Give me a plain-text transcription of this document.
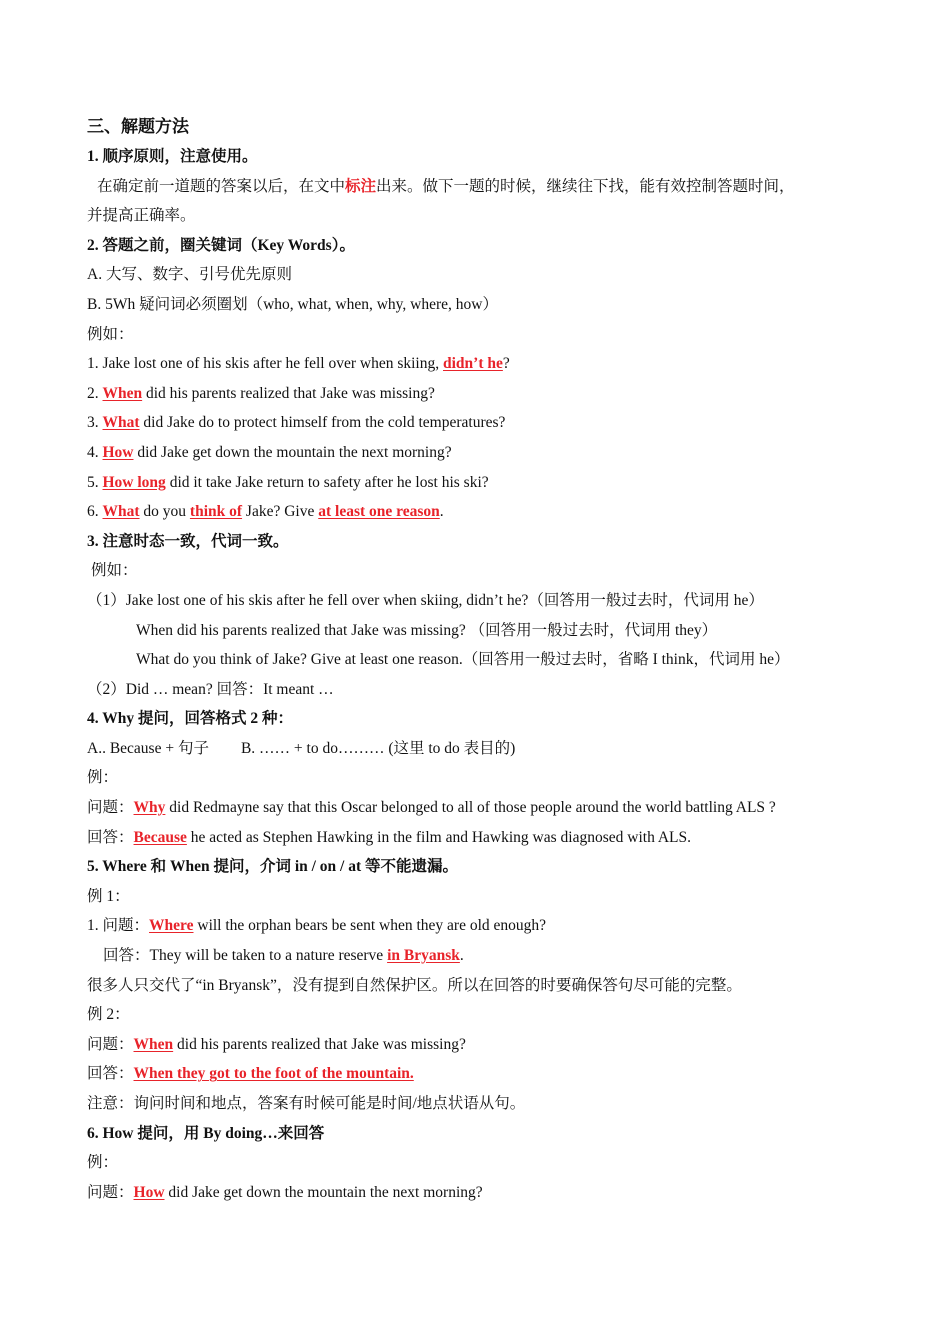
三、解题方法
1. 顺序原则，注意使用。
在确定前一道题的答案以后，在文中标注出来。做下一题的时候，继续往下找，能有效控制答题时间，
并提高正确率。
2. 答题之前，圈关键词（Key Words）。
A. 大写、数字、引号优先原则
B. 5Wh 疑问词必须圈划（who, what, when, why, where, how）
例如：
1. Jake lost one of his skis after he fell over when skiing, didn’t he?
2. When did his parents realized that Jake was missing?
3. What did Jake do to protect himself from the cold temperatures?
4. How did Jake get down the mountain the next morning?
5. How long did it take Jake return to safety after he lost his ski?
6. What do you think of Jake? Give at least one reason.
3. 注意时态一致，代词一致。
例如：
（1）Jake lost one of his skis after he fell over when skiing, didn’t he?（回答用一般过去时，代词用 he）
When did his parents realized that Jake was missing? （回答用一般过去时，代词用 they）
What do you think of Jake? Give at least one reason.（回答用一般过去时，省略 I think，代词用 he）
（2）Did … mean? 回答：It meant …
4. Why 提问，回答格式 2 种：
A.. Because + 句子 B. …… + to do……… (这里 to do 表目的)
例：
问题：Why did Redmayne say that this Oscar belonged to all of those people around the world battling ALS ?
回答：Because he acted as Stephen Hawking in the film and Hawking was diagnosed with ALS.
5. Where 和 When 提问，介词 in / on / at 等不能遗漏。
例 1：
1. 问题：Where will the orphan bears be sent when they are old enough?
回答：They will be taken to a nature reserve in Bryansk.
很多人只交代了“in Bryansk”，没有提到自然保护区。所以在回答的时要确保答句尽可能的完整。
例 2：
问题：When did his parents realized that Jake was missing?
回答：When they got to the foot of the mountain.
注意：询问时间和地点，答案有时候可能是时间/地点状语从句。
6. How 提问，用 By doing…来回答
例：
问题：How did Jake get down the mountain the next morning?
